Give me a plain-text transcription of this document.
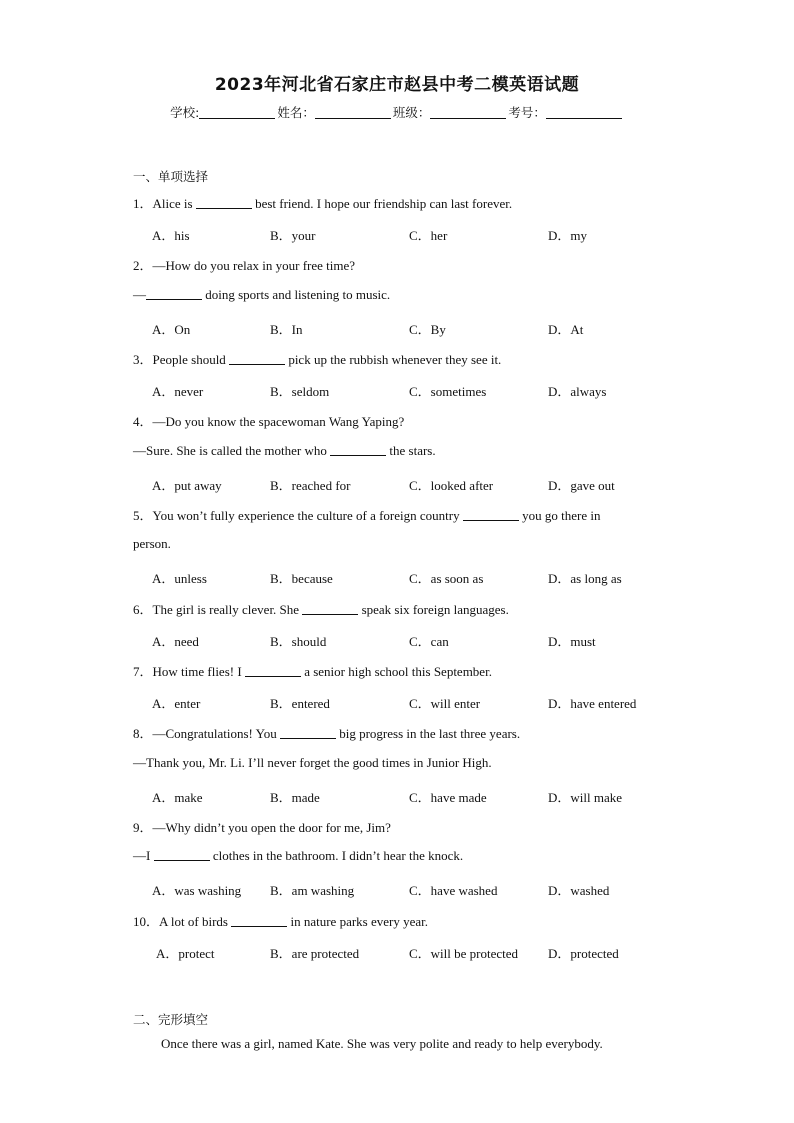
2023年河北省石家庄市赵县中考二模英语试题
学校:	姓名：	班级：	考号：
一、单项选择
1．Alice is	best friend. I hope our friendship can last forever.
A．his	B．your	C．her	D．my
2．—How do you relax in your free time?
—	doing sports and listening to music.
A．On	B．In	C．By	D．At
3．People should	pick up the rubbish whenever they see it.
A．never	B．seldom	C．sometimes	D．always
4．—Do you know the spacewoman Wang Yaping?
—Sure. She is called the mother who	the stars.
A．put away	B．reached for	C．looked after	D．gave out
5．You won’t fully experience the culture of a foreign country	you go there in
person.
A．unless	B．because	C．as soon as	D．as long as
6．The girl is really clever. She	speak six foreign languages.
A．need	B．should	C．can	D．must
7．How time flies! I	a senior high school this September.
A．enter	B．entered	C．will enter	D．have entered
8．—Congratulations! You	big progress in the last three years.
—Thank you, Mr. Li. I’ll never forget the good times in Junior High.
A．make	B．made	C．have made	D．will make
9．—Why didn’t you open the door for me, Jim?
—I	clothes in the bathroom. I didn’t hear the knock.
A．was washing B．am washing	C．have washed	D．washed
10．A lot of birds	in nature parks every year.
A．protect	B．are protected	C．will be protected D．protected
二、完形填空
Once there was a girl, named Kate. She was very polite and ready to help everybody.
